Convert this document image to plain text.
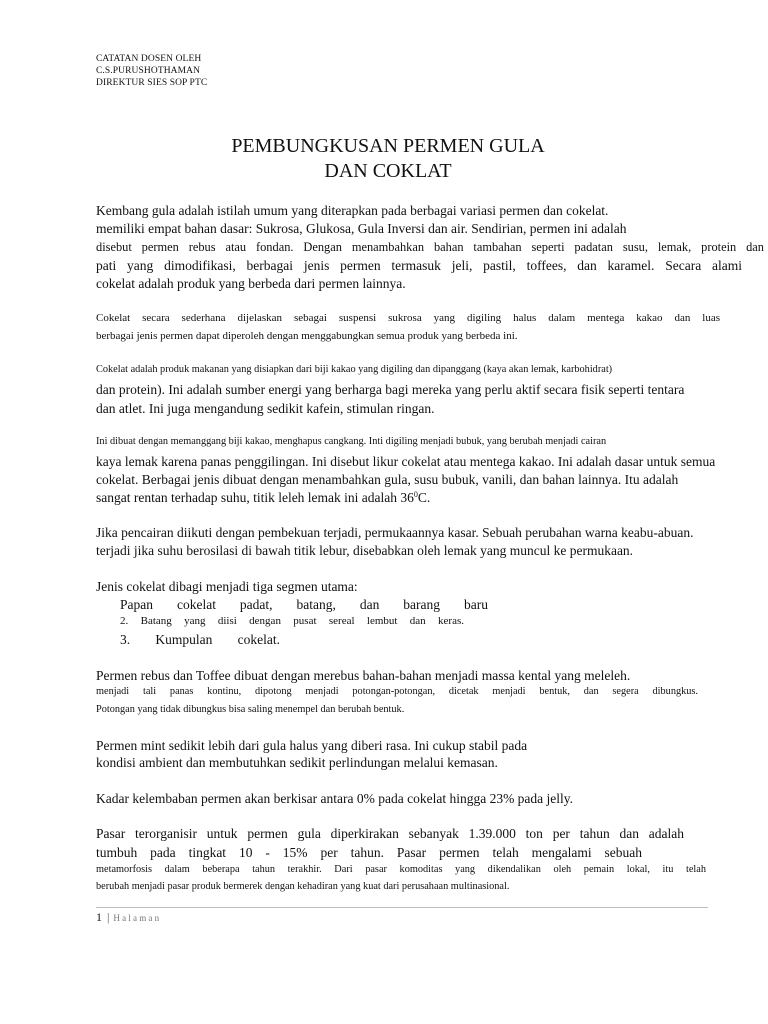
CATATAN DOSEN OLEH
C.S.PURUSHOTHAMAN
DIREKTUR SIES SOP PTC
PEMBUNGKUSAN PERMEN GULA
DAN COKLAT
Kembang gula adalah istilah umum yang diterapkan pada berbagai variasi permen dan cokelat.
memiliki empat bahan dasar: Sukrosa, Glukosa, Gula Inversi dan air. Sendirian, permen ini adalah
disebut permen rebus atau fondan. Dengan menambahkan bahan tambahan seperti padatan susu, lemak, protein dan
pati yang dimodifikasi, berbagai jenis permen termasuk jeli, pastil, toffees, dan karamel. Secara alami
cokelat adalah produk yang berbeda dari permen lainnya.
Cokelat secara sederhana dijelaskan sebagai suspensi sukrosa yang digiling halus dalam mentega kakao dan luas
berbagai jenis permen dapat diperoleh dengan menggabungkan semua produk yang berbeda ini.
Cokelat adalah produk makanan yang disiapkan dari biji kakao yang digiling dan dipanggang (kaya akan lemak, karbohidrat)
dan protein). Ini adalah sumber energi yang berharga bagi mereka yang perlu aktif secara fisik seperti tentara
dan atlet. Ini juga mengandung sedikit kafein, stimulan ringan.
Ini dibuat dengan memanggang biji kakao, menghapus cangkang. Inti digiling menjadi bubuk, yang berubah menjadi cairan
kaya lemak karena panas penggilingan. Ini disebut likur cokelat atau mentega kakao. Ini adalah dasar untuk semua
cokelat. Berbagai jenis dibuat dengan menambahkan gula, susu bubuk, vanili, dan bahan lainnya. Itu adalah
sangat rentan terhadap suhu, titik leleh lemak ini adalah $36^0C$.
Jika pencairan diikuti dengan pembekuan terjadi, permukaannya kasar. Sebuah perubahan warna keabu-abuan.
terjadi jika suhu berosilasi di bawah titik lebur, disebabkan oleh lemak yang muncul ke permukaan.
Jenis cokelat dibagi menjadi tiga segmen utama:
Papan cokelat padat, batang, dan barang baru
2. Batang yang diisi dengan pusat sereal lembut dan keras.
3. Kumpulan cokelat.
Permen rebus dan Toffee dibuat dengan merebus bahan-bahan menjadi massa kental yang meleleh.
menjadi tali panas kontinu, dipotong menjadi potongan-potongan, dicetak menjadi bentuk, dan segera dibungkus.
Potongan yang tidak dibungkus bisa saling menempel dan berubah bentuk.
Permen mint sedikit lebih dari gula halus yang diberi rasa. Ini cukup stabil pada
kondisi ambient dan membutuhkan sedikit perlindungan melalui kemasan.
Kadar kelembaban permen akan berkisar antara 0% pada cokelat hingga 23% pada jelly.
Pasar terorganisir untuk permen gula diperkirakan sebanyak 1.39.000 ton per tahun dan adalah
tumbuh pada tingkat 10 - 15% per tahun. Pasar permen telah mengalami sebuah
metamorfosis dalam beberapa tahun terakhir. Dari pasar komoditas yang dikendalikan oleh pemain lokal, itu telah
berubah menjadi pasar produk bermerek dengan kehadiran yang kuat dari perusahaan multinasional.
1 | Halaman
